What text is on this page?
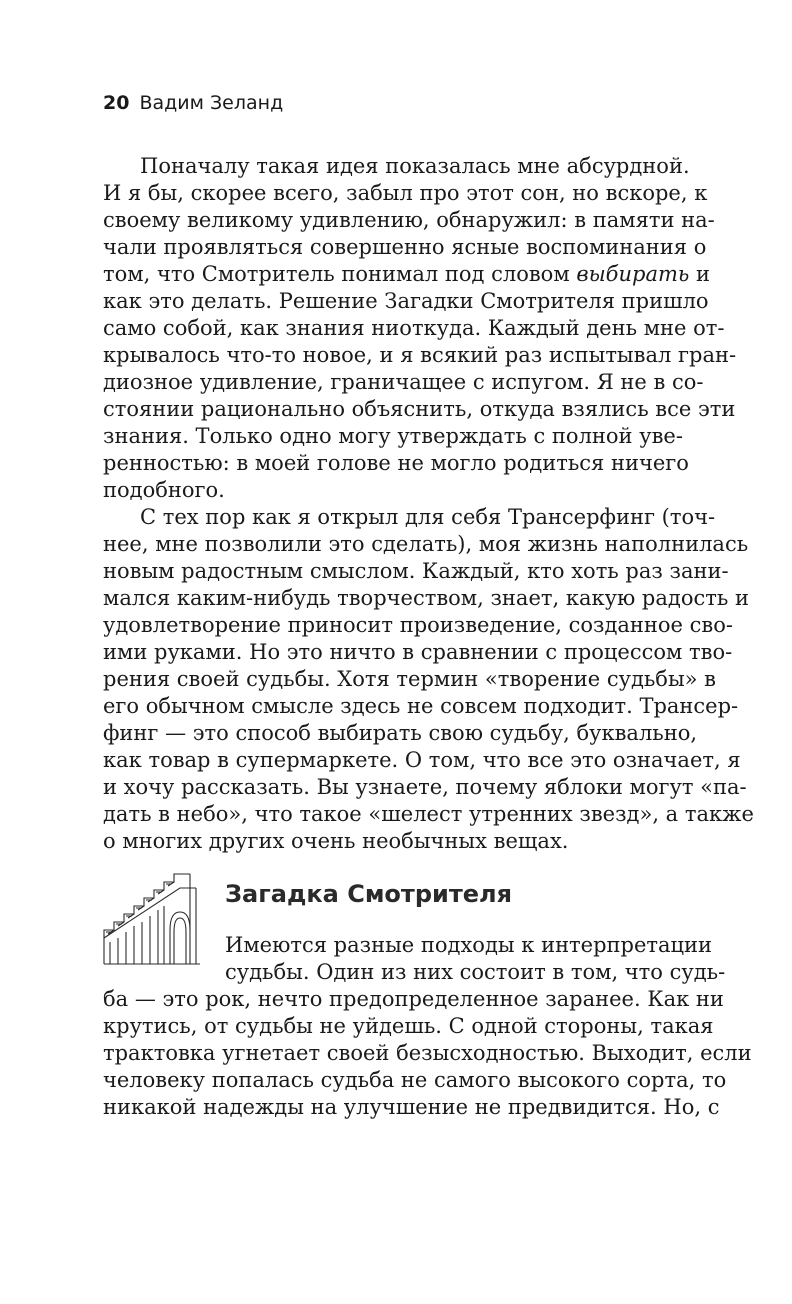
20 Вадим Зеланд
Поначалу такая идея показалась мне абсурдной.
И я бы, скорее всего, забыл про этот сон, но вскоре, к
своему великому удивлению, обнаружил: в памяти на-
чали проявляться совершенно ясные воспоминания о
том, что Смотритель понимал под словом выбирать и
как это делать. Решение Загадки Смотрителя пришло
само собой, как знания ниоткуда. Каждый день мне от-
крывалось что-то новое, и я всякий раз испытывал гран-
диозное удивление, граничащее с испугом. Я не в со-
стоянии рационально объяснить, откуда взялись все эти
знания. Только одно могу утверждать с полной уве-
ренностью: в моей голове не могло родиться ничего
подобного.
С тех пор как я открыл для себя Трансерфинг (точ-
нее, мне позволили это сделать), моя жизнь наполнилась
новым радостным смыслом. Каждый, кто хоть раз зани-
мался каким-нибудь творчеством, знает, какую радость и
удовлетворение приносит произведение, созданное сво-
ими руками. Но это ничто в сравнении с процессом тво-
рения своей судьбы. Хотя термин «творение судьбы» в
его обычном смысле здесь не совсем подходит. Трансер-
финг — это способ выбирать свою судьбу, буквально,
как товар в супермаркете. О том, что все это означает, я
и хочу рассказать. Вы узнаете, почему яблоки могут «па-
дать в небо», что такое «шелест утренних звезд», а также
о многих других очень необычных вещах.
Загадка Смотрителя
Имеются разные подходы к интерпретации
судьбы. Один из них состоит в том, что судь-
ба — это рок, нечто предопределенное заранее. Как ни
крутись, от судьбы не уйдешь. С одной стороны, такая
трактовка угнетает своей безысходностью. Выходит, если
человеку попалась судьба не самого высокого сорта, то
никакой надежды на улучшение не предвидится. Но, с
